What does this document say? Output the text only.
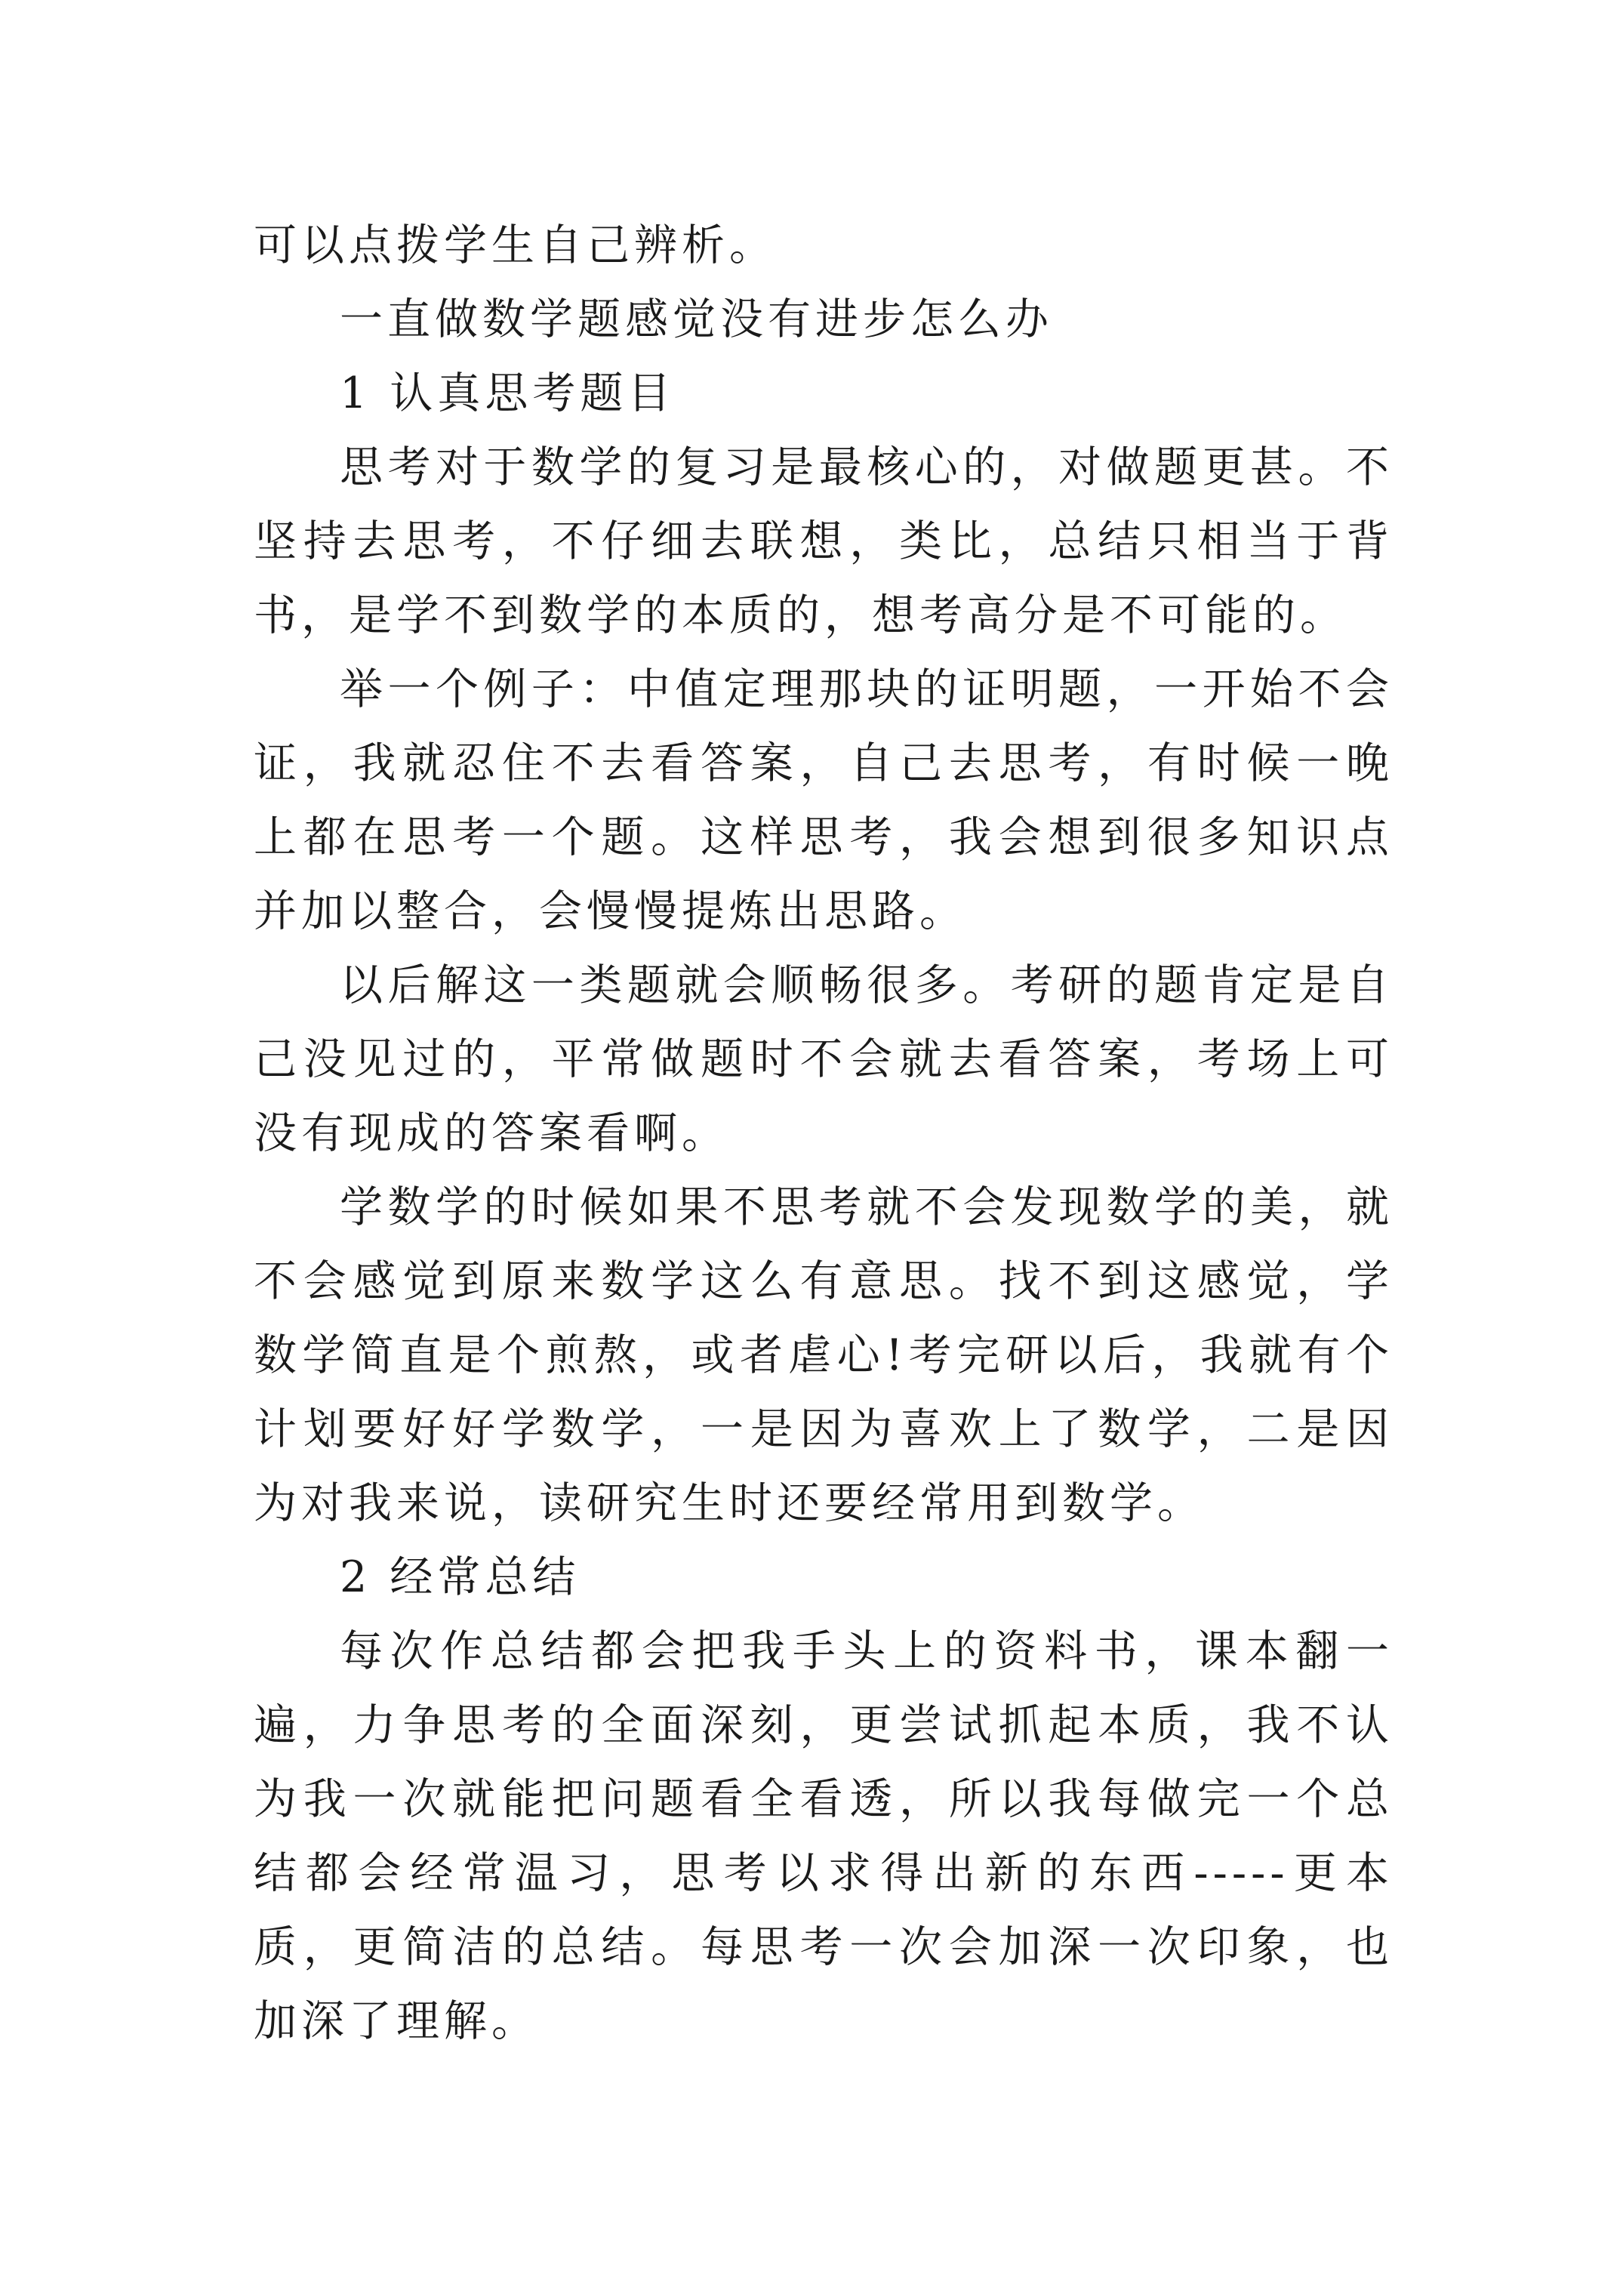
可以点拨学生自己辨析。

一直做数学题感觉没有进步怎么办

1 认真思考题目

思考对于数学的复习是最核心的，对做题更甚。不坚持去思考，不仔细去联想，类比，总结只相当于背书，是学不到数学的本质的，想考高分是不可能的。

举一个例子：中值定理那块的证明题，一开始不会证，我就忍住不去看答案，自己去思考，有时候一晚上都在思考一个题。这样思考，我会想到很多知识点并加以整合，会慢慢提炼出思路。

以后解这一类题就会顺畅很多。考研的题肯定是自己没见过的，平常做题时不会就去看答案，考场上可没有现成的答案看啊。

学数学的时候如果不思考就不会发现数学的美，就不会感觉到原来数学这么有意思。找不到这感觉，学数学简直是个煎熬，或者虐心!考完研以后，我就有个计划要好好学数学，一是因为喜欢上了数学，二是因为对我来说，读研究生时还要经常用到数学。

2 经常总结

每次作总结都会把我手头上的资料书，课本翻一遍，力争思考的全面深刻，更尝试抓起本质，我不认为我一次就能把问题看全看透，所以我每做完一个总结都会经常温习，思考以求得出新的东西-----更本质，更简洁的总结。每思考一次会加深一次印象，也加深了理解。
